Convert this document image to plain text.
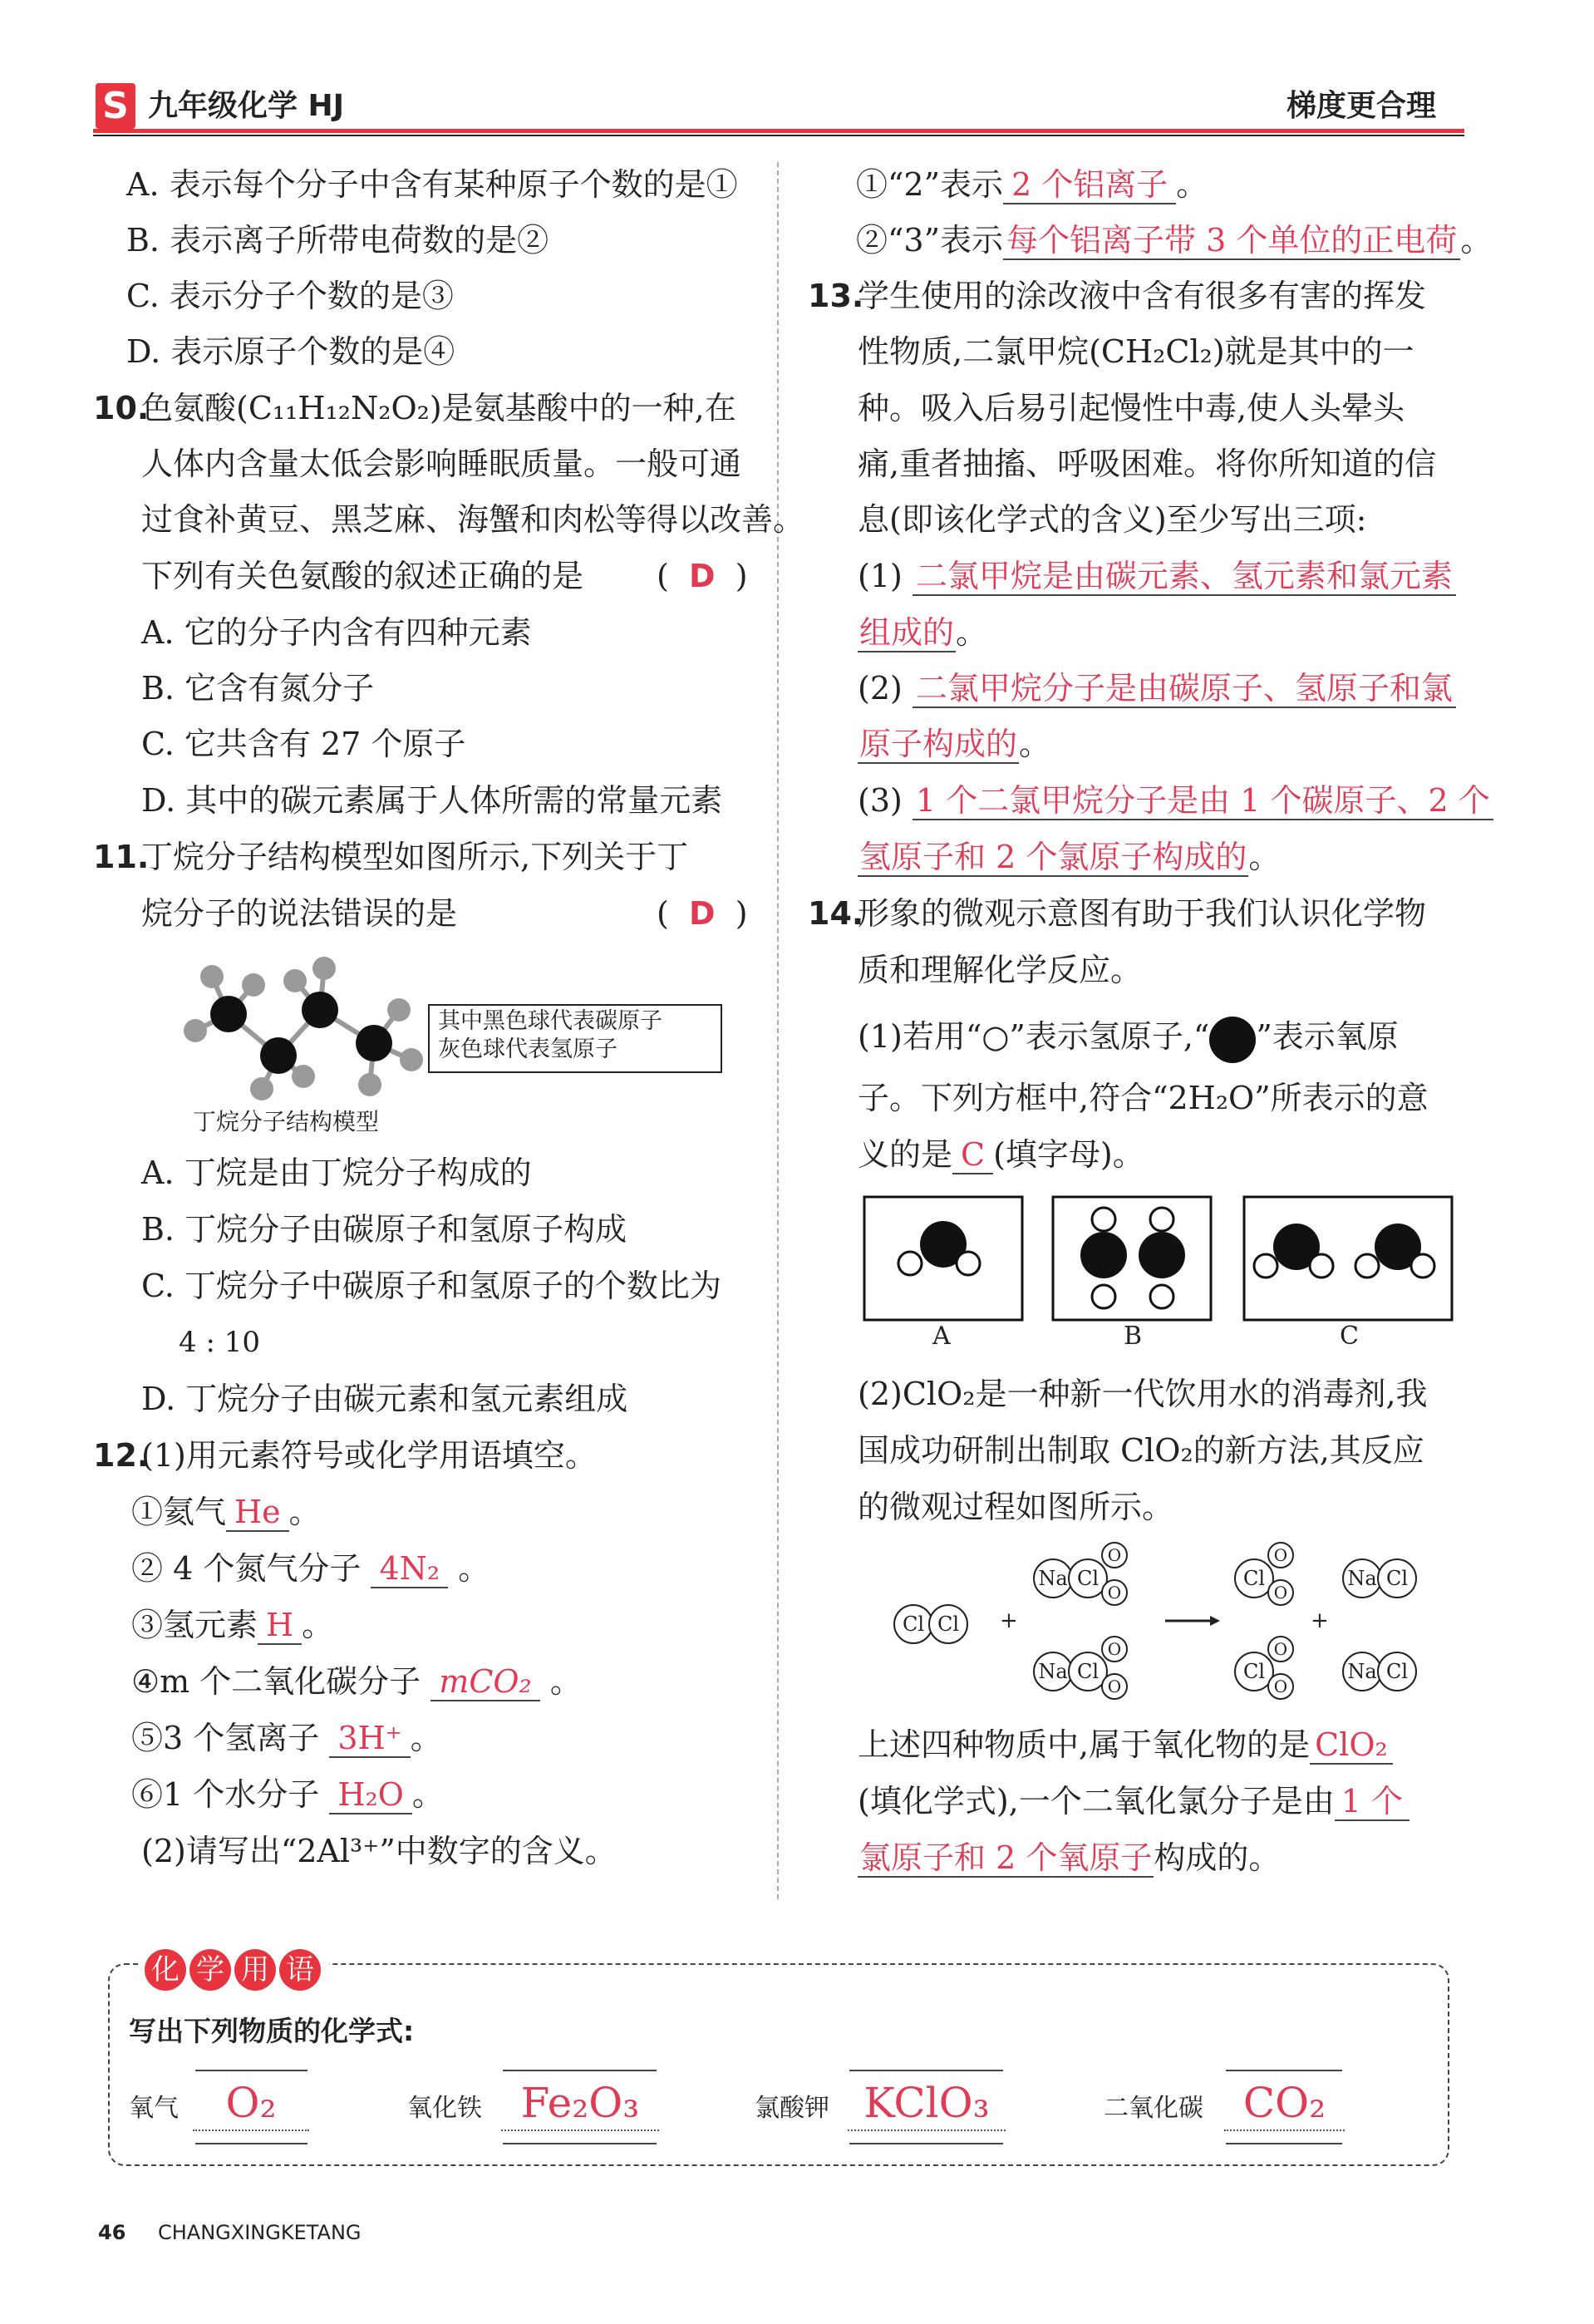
S 九年级化学 HJ	梯度更合理
A. 表示每个分子中含有某种原子个数的是①
B. 表示离子所带电荷数的是②
C. 表示分子个数的是③
D. 表示原子个数的是④
10.
色氨酸(C₁₁H₁₂N₂O₂)是氨基酸中的一种,在
人体内含量太低会影响睡眠质量。一般可通
过食补黄豆、黑芝麻、海蟹和肉松等得以改善。
下列有关色氨酸的叙述正确的是 (  D  )
A. 它的分子内含有四种元素
B. 它含有氮分子
C. 它共含有 27 个原子
D. 其中的碳元素属于人体所需的常量元素
11.
丁烷分子结构模型如图所示,下列关于丁
烷分子的说法错误的是	(  D  )
其中黑色球代表碳原子
灰色球代表氢原子
丁烷分子结构模型
A. 丁烷是由丁烷分子构成的
B. 丁烷分子由碳原子和氢原子构成
C. 丁烷分子中碳原子和氢原子的个数比为
4 : 10
D. 丁烷分子由碳元素和氢元素组成
12.
(1)用元素符号或化学用语填空。
①氦气 He 。
② 4 个氮气分子 4N₂ 。
③氢元素 H 。
④m 个二氧化碳分子 mCO₂ 。
⑤3 个氢离子 3H⁺ 。
⑥1 个水分子 H₂O 。
(2)请写出“2Al³⁺”中数字的含义。
①“2”表示 2 个铝离子 。
②“3”表示 每个铝离子带 3 个单位的正电荷 。
13.
学生使用的涂改液中含有很多有害的挥发
性物质,二氯甲烷(CH₂Cl₂)就是其中的一
种。吸入后易引起慢性中毒,使人头晕头
痛,重者抽搐、呼吸困难。将你所知道的信
息(即该化学式的含义)至少写出三项:
(1) 二氯甲烷是由碳元素、氢元素和氯元素
组成的。
(2) 二氯甲烷分子是由碳原子、氢原子和氯
原子构成的。
(3) 1 个二氯甲烷分子是由 1 个碳原子、2 个
氢原子和 2 个氯原子构成的。
14.
形象的微观示意图有助于我们认识化学物
质和理解化学反应。
(1)若用“○”表示氢原子,“ ”表示氧原
子。下列方框中,符合“2H₂O”所表示的意
义的是 C (填字母)。
A	B	C
(2)ClO₂是一种新一代饮用水的消毒剂,我
国成功研制出制取 ClO₂的新方法,其反应
的微观过程如图所示。
Cl Cl	+
Na Cl
O
O
Na Cl
O
O
Cl
O
O
Cl
O
O
+
Na Cl
Na Cl
上述四种物质中,属于氧化物的是 ClO₂
(填化学式),一个二氧化氯分子是由 1 个
氯原子和 2 个氧原子构成的。
化 学 用 语
写出下列物质的化学式:
氧气	O₂	氧化铁 Fe₂O₃	氯酸钾 KClO₃	二氧化碳 CO₂
46 CHANGXINGKETANG
